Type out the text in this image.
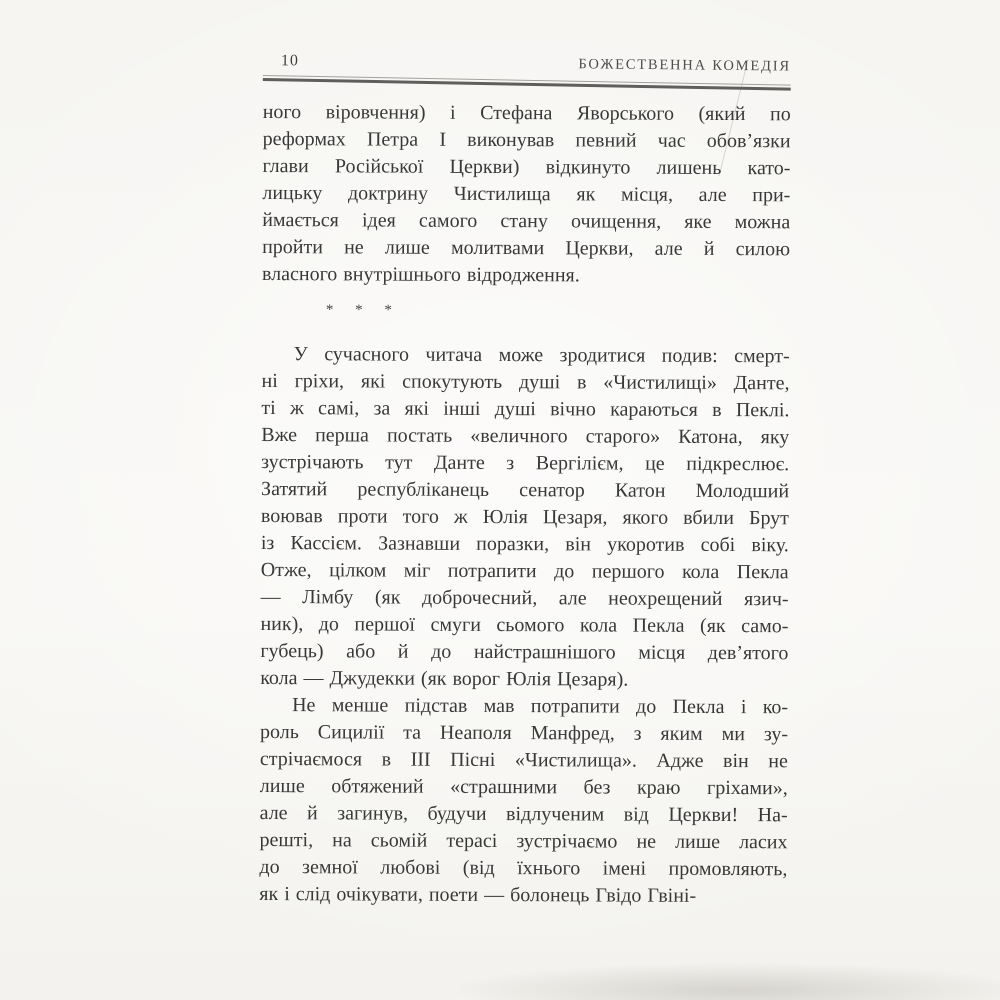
10	БОЖЕСТВЕННА КОМЕДІЯ
ного віровчення) і Стефана Яворського (який по
реформах Петра І виконував певний час обов’язки
глави Російської Церкви) відкинуто лишень като-
лицьку доктрину Чистилища як місця, але при-
ймається ідея самого стану очищення, яке можна
пройти не лише молитвами Церкви, але й силою
власного внутрішнього відродження.
* * *
У сучасного читача може зродитися подив: смерт-
ні гріхи, які спокутують душі в «Чистилищі» Данте,
ті ж самі, за які інші душі вічно караються в Пеклі.
Вже перша постать «величного старого» Катона, яку
зустрічають тут Данте з Вергілієм, це підкреслює.
Затятий республіканець сенатор Катон Молодший
воював проти того ж Юлія Цезаря, якого вбили Брут
із Кассієм. Зазнавши поразки, він укоротив собі віку.
Отже, цілком міг потрапити до першого кола Пекла
— Лімбу (як доброчесний, але неохрещений язич-
ник), до першої смуги сьомого кола Пекла (як само-
губець) або й до найстрашнішого місця дев’ятого
кола — Джудекки (як ворог Юлія Цезаря).
Не менше підстав мав потрапити до Пекла і ко-
роль Сицилії та Неаполя Манфред, з яким ми зу-
стрічаємося в III Пісні «Чистилища». Адже він не
лише обтяжений «страшними без краю гріхами»,
але й загинув, будучи відлученим від Церкви! На-
решті, на сьомій терасі зустрічаємо не лише ласих
до земної любові (від їхнього імені промовляють,
як і слід очікувати, поети — болонець Гвідо Гвіні-
